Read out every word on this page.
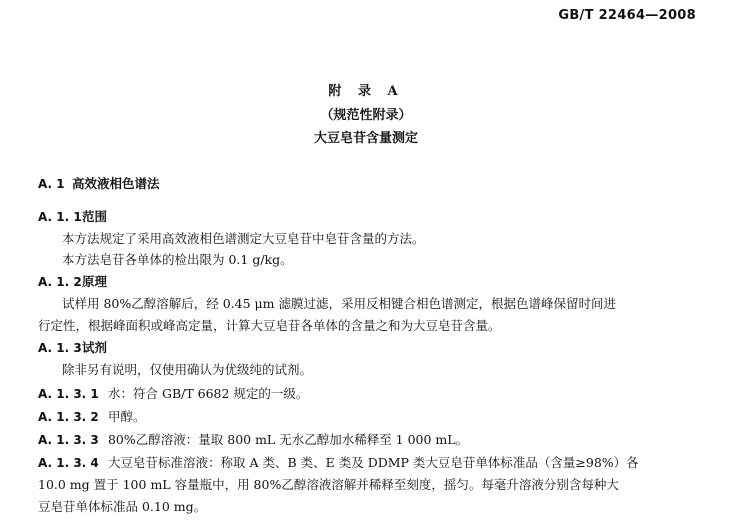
GB/T 22464—2008
附 录 A
（规范性附录）
大豆皂苷含量测定
A. 1 高效液相色谱法
A. 1. 1 范围
本方法规定了采用高效液相色谱测定大豆皂苷中皂苷含量的方法。
本方法皂苷各单体的检出限为 0.1 g/kg。
A. 1. 2 原理
试样用 80%乙醇溶解后，经 0.45 μm 滤膜过滤，采用反相键合相色谱测定，根据色谱峰保留时间进
行定性，根据峰面积或峰高定量，计算大豆皂苷各单体的含量之和为大豆皂苷含量。
A. 1. 3 试剂
除非另有说明，仅使用确认为优级纯的试剂。
A. 1. 3. 1 水：符合 GB/T 6682 规定的一级。
A. 1. 3. 2 甲醇。
A. 1. 3. 3 80%乙醇溶液：量取 800 mL 无水乙醇加水稀释至 1 000 mL。
A. 1. 3. 4 大豆皂苷标准溶液：称取 A 类、B 类、E 类及 DDMP 类大豆皂苷单体标准品（含量≥98%）各
10.0 mg 置于 100 mL 容量瓶中，用 80%乙醇溶液溶解并稀释至刻度，摇匀。每毫升溶液分别含每种大
豆皂苷单体标准品 0.10 mg。
